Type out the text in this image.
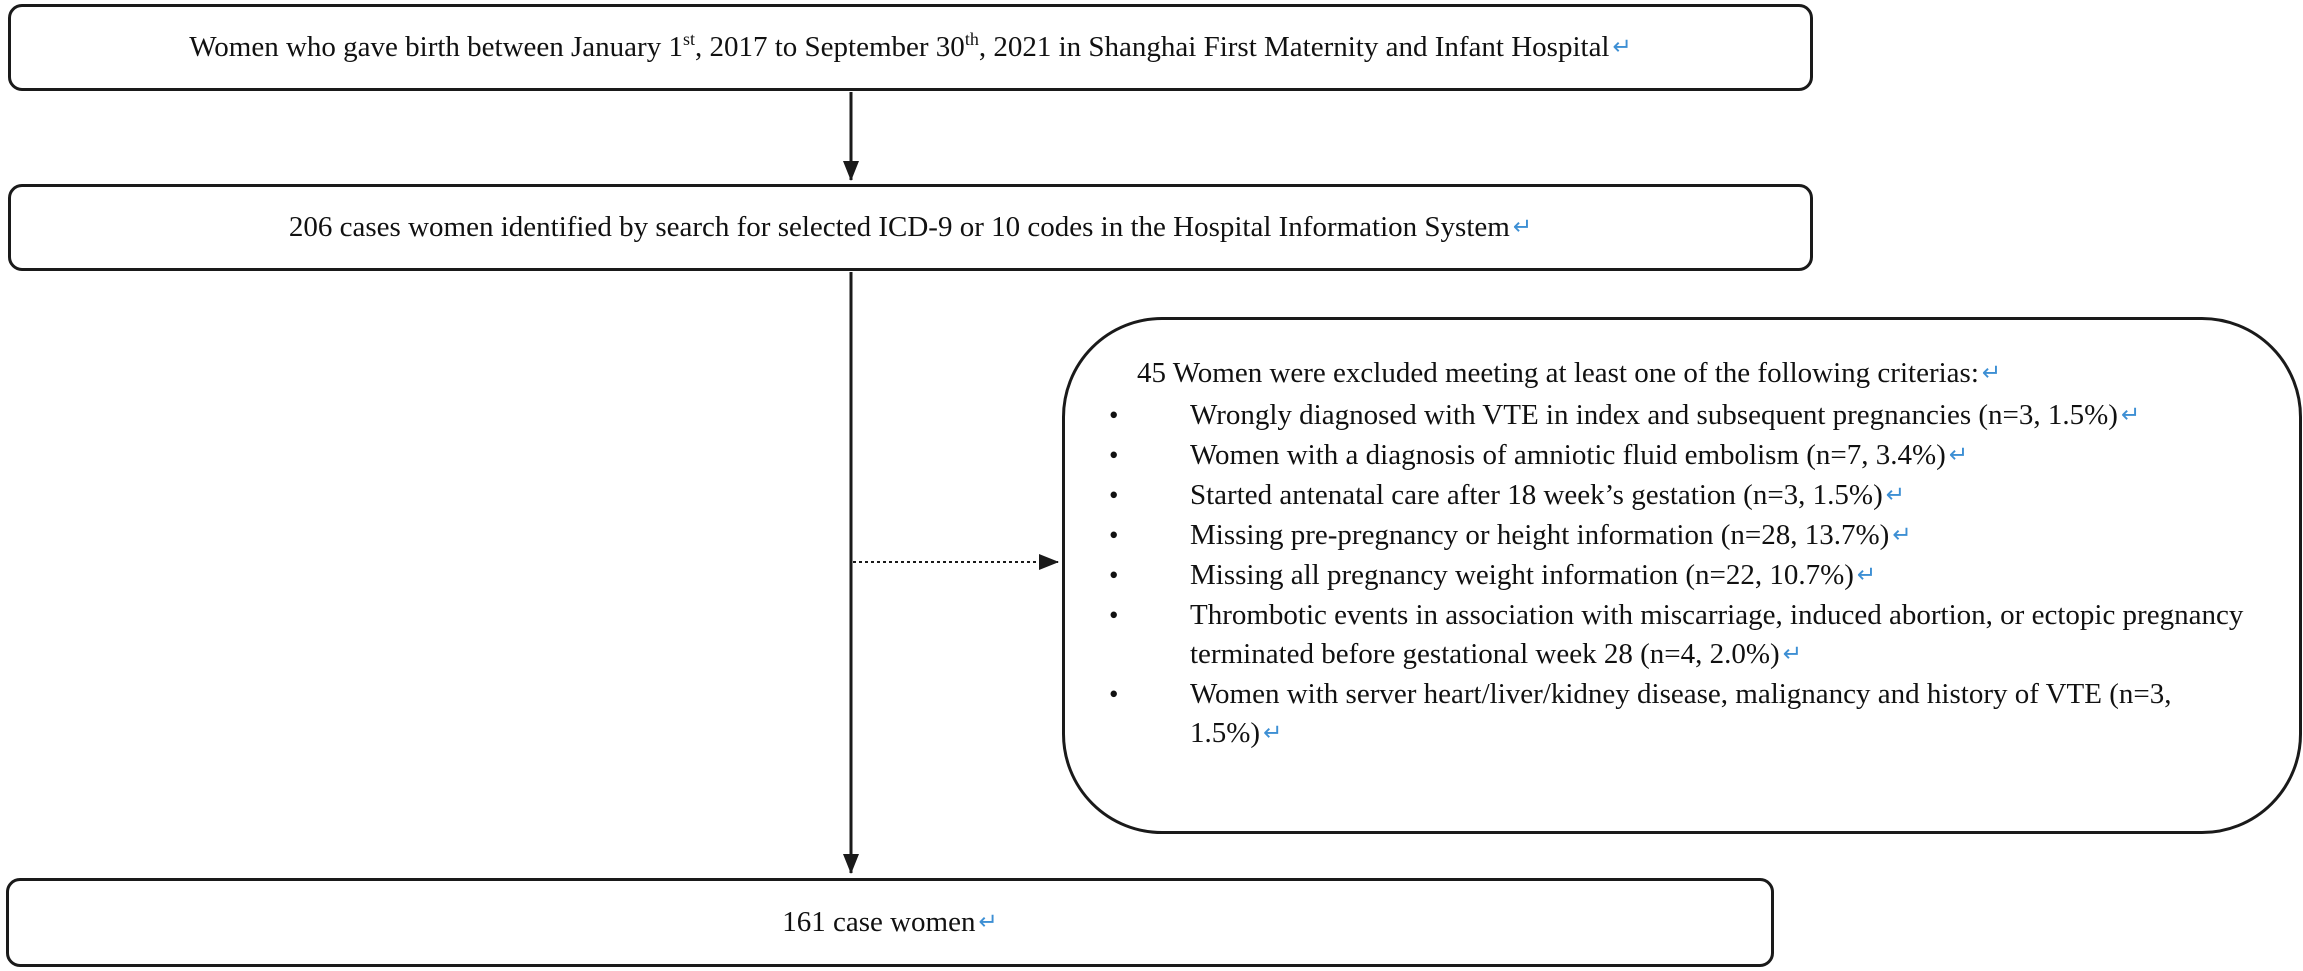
Women who gave birth between January 1st, 2017 to September 30th, 2021 in Shanghai First Maternity and Infant Hospital ↵
206 cases women identified by search for selected ICD-9 or 10 codes in the Hospital Information System ↵
45 Women were excluded meeting at least one of the following criterias: ↵
• Wrongly diagnosed with VTE in index and subsequent pregnancies (n=3, 1.5%) ↵
• Women with a diagnosis of amniotic fluid embolism (n=7, 3.4%) ↵
• Started antenatal care after 18 week’s gestation (n=3, 1.5%) ↵
• Missing pre-pregnancy or height information (n=28, 13.7%) ↵
• Missing all pregnancy weight information (n=22, 10.7%) ↵
• Thrombotic events in association with miscarriage, induced abortion, or ectopic pregnancy terminated before gestational week 28 (n=4, 2.0%) ↵
• Women with server heart/liver/kidney disease, malignancy and history of VTE (n=3, 1.5%) ↵
161 case women ↵
